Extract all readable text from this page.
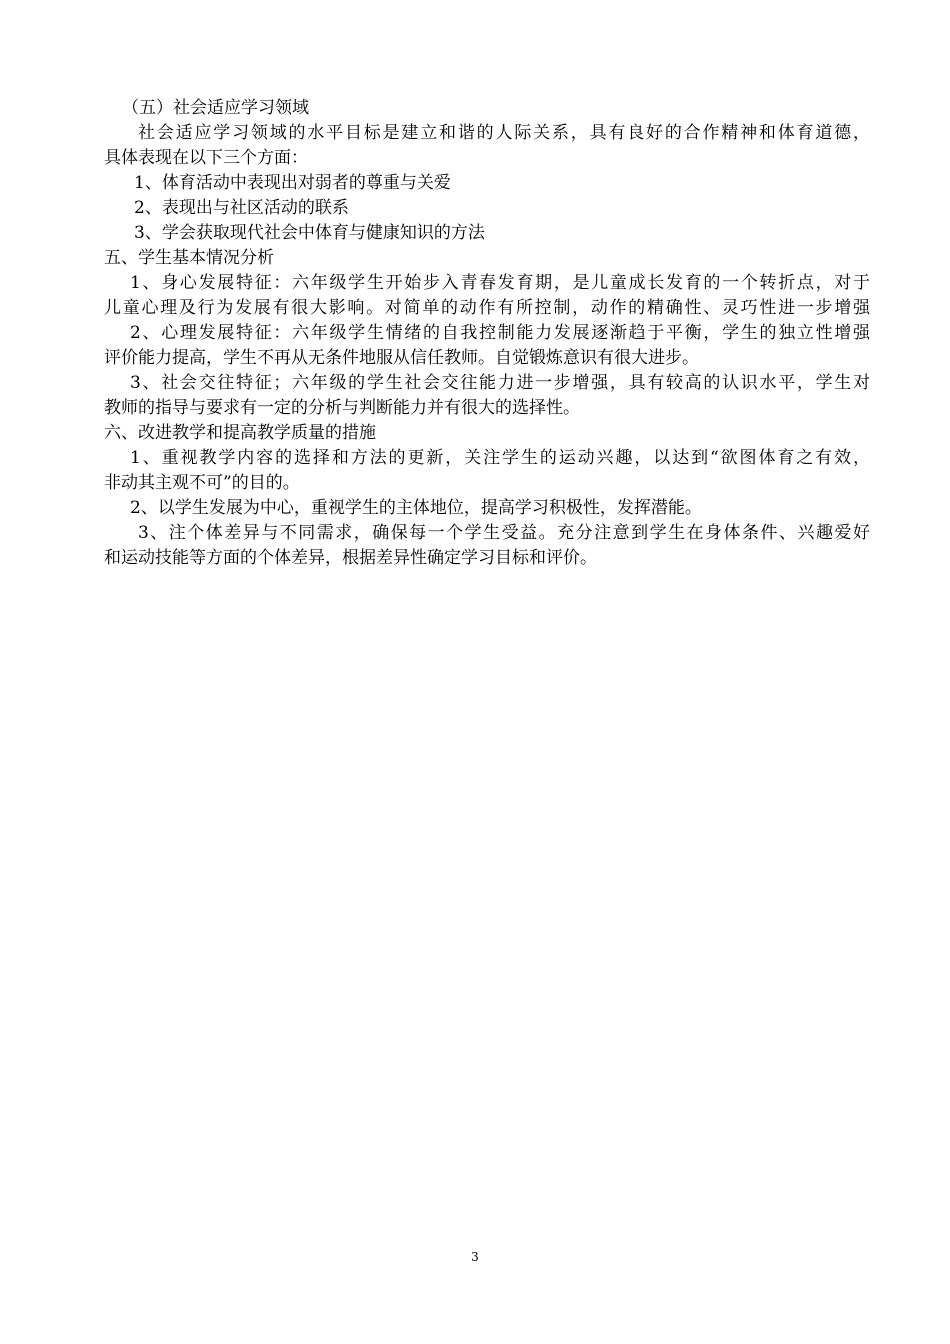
（五）社会适应学习领域
社会适应学习领域的水平目标是建立和谐的人际关系，具有良好的合作精神和体育道德，
具体表现在以下三个方面：
1、体育活动中表现出对弱者的尊重与关爱
2、表现出与社区活动的联系
3、学会获取现代社会中体育与健康知识的方法
五、学生基本情况分析
1、身心发展特征：六年级学生开始步入青春发育期，是儿童成长发育的一个转折点，对于
儿童心理及行为发展有很大影响。对简单的动作有所控制，动作的精确性、灵巧性进一步增强
2、心理发展特征：六年级学生情绪的自我控制能力发展逐渐趋于平衡，学生的独立性增强
评价能力提高，学生不再从无条件地服从信任教师。自觉锻炼意识有很大进步。
3、社会交往特征；六年级的学生社会交往能力进一步增强，具有较高的认识水平，学生对
教师的指导与要求有一定的分析与判断能力并有很大的选择性。
六、改进教学和提高教学质量的措施
1、重视教学内容的选择和方法的更新，关注学生的运动兴趣，以达到“欲图体育之有效，
非动其主观不可”的目的。
2、以学生发展为中心，重视学生的主体地位，提高学习积极性，发挥潜能。
3、注个体差异与不同需求，确保每一个学生受益。充分注意到学生在身体条件、兴趣爱好
和运动技能等方面的个体差异，根据差异性确定学习目标和评价。
3
